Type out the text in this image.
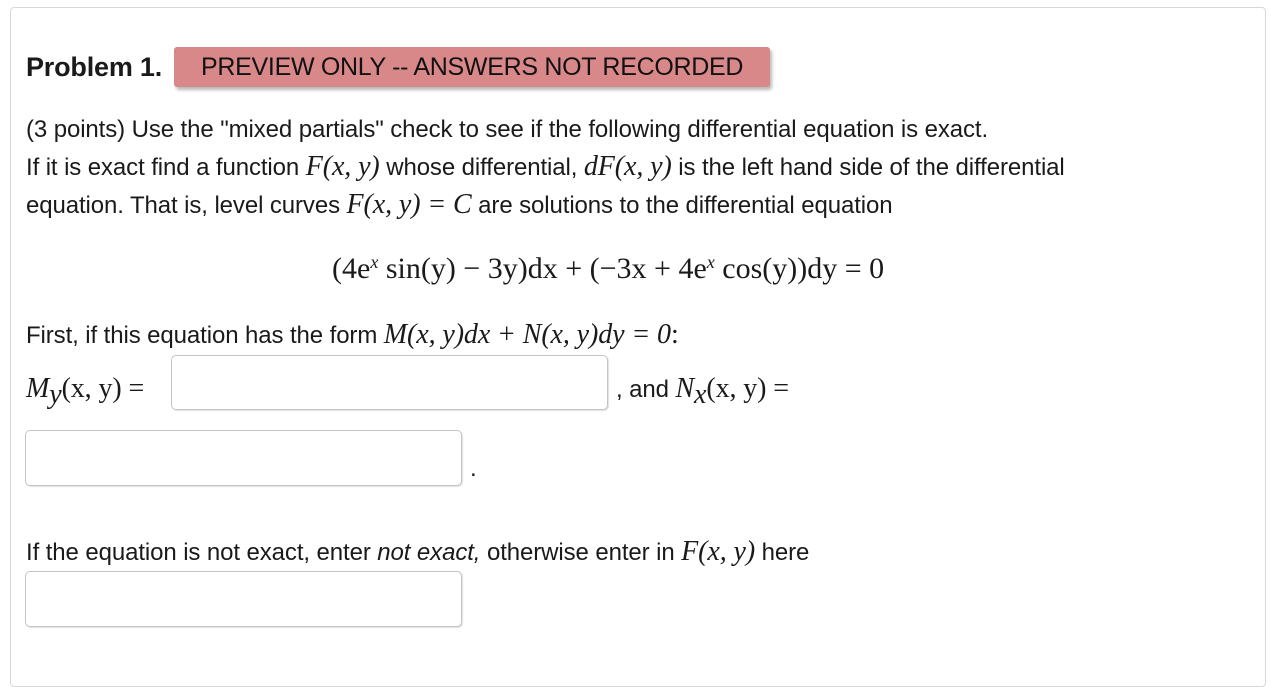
Problem 1.	PREVIEW ONLY -- ANSWERS NOT RECORDED
(3 points) Use the "mixed partials" check to see if the following differential equation is exact.
If it is exact find a function F(x, y) whose differential, dF(x, y) is the left hand side of the differential
equation. That is, level curves F(x, y) = C are solutions to the differential equation
($4e^x$ $\sin(y) - 3y)dx + (-3x + 4e^x$ cos(y))dy = 0
First, if this equation has the form M(x, y)dx + N(x, y)dy = 0:
$M_y(x$, y) =	, and $N_x(x$, y) =
.
If the equation is not exact, enter not exact, otherwise enter in F(x, y) here
